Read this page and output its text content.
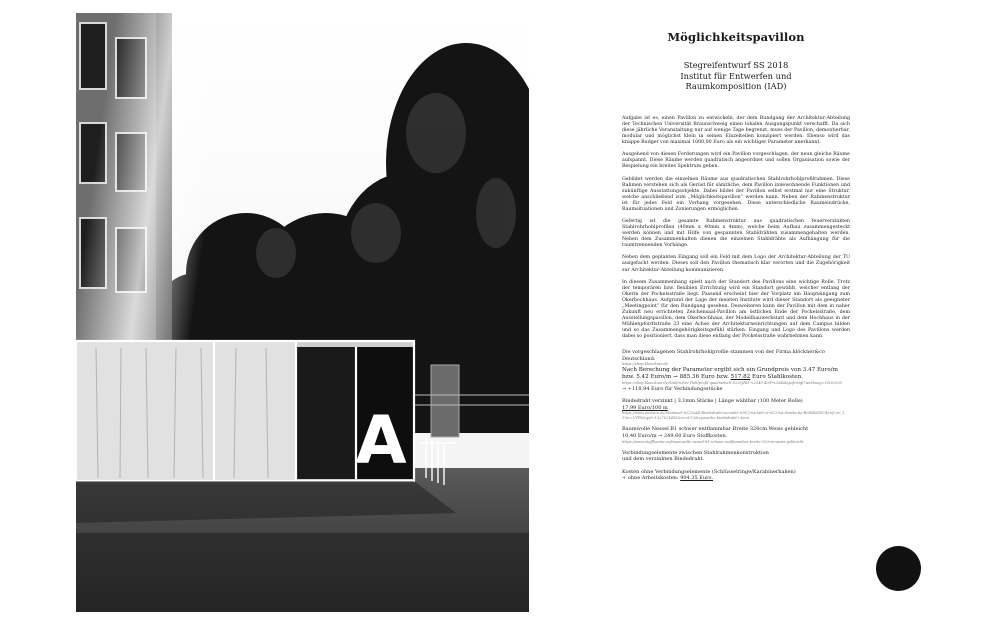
A
Möglichkeitspavillon
Stegreifentwurf SS 2018
Institut für Entwerfen und
Raumkomposition (IAD)

Aufgabe ist es, einen Pavillon zu entwickeln, der dem Rundgang der Architektur-Abteilung der Technischen Universität Braunschweig einen lokalen Ausgangspunkt verschafft. Da sich diese jährliche Veranstaltung nur auf wenige Tage begrenzt, muss der Pavillon, demontierbar, modular und möglichst klein in seinen Einzelteilen konzipiert werden. Ebenso wird das knappe Budget von maximal 1000,00 Euro als ein wichtiger Parameter anerkannt.

Ausgehend von diesen Forderungen wird ein Pavillon vorgeschlagen, der neun gleiche Räume aufspannt. Diese Räume werden quadratisch angeordnet und sollen Organisation sowie der Bespielung ein breites Spektrum geben.

Gebildet werden die einzelnen Räume aus quadratischen Stahlrohrhohlprofilrahmen. Diese Rahmen verstehen sich als Gerüst für sämtliche, dem Pavillon innewohnende Funktionen und zukünftige Ausstattungsobjekte. Dabei bildet der Pavillon selbst erstmal nur eine Struktur, welche anschließend zum „Möglichkeitspavillon“ werden kann. Neben der Rahmenstruktur ist für jedes Feld ein Vorhang vorgesehen. Diese unterschiedliche Raumeindrücke, Raumsituationen und Zonierungen ermöglichen.

Gefertig ist die gesamte Rahmenstruktur aus quadratischen feuerverzinkten Stahlrohrhohlprofilen (40mm x 40mm x 4mm), welche beim Aufbau zusammengesteckt werden können und mit Hilfe von gespannten Stahldrähten zusammengehalten werden. Neben dem Zusammenhalten dienen die einzelnen Stahldrähte als Aufhängung für die raumtrennenden Vorhänge.

Neben dem geplanten Eingang soll ein Feld mit dem Logo der Architektur-Abteilung der TU ausgefacht werden. Dieses soll den Pavillon thematisch klar verorten und die Zugehörigkeit zur Architektur-Abteilung kommunizieren.

In diesem Zusammenhang spielt auch der Standort des Pavillons eine wichtige Rolle. Trotz der temporären bzw. flexiblen Errichtung wird ein Standort gewählt, welcher entlang der Okerin der Pockelsstraße liegt. Passend erscheint hier der Vorplatz am Haupteingang zum Okerhochhaus. Aufgrund der Lage der meisten Institute wird dieser Standort als geeigneter „Meetingpoint“ für den Rundgang gesehen. Desweiteren kann der Pavillon mit dem in naher Zukunft neu errichteten Zeichensaal-Pavillon am östlichen Ende der Pockelsstraße, dem Ausstellungspavillon, dem Okerhochhaus, der Modellbauwerkstatt und dem Hochhaus in der Mühlenpfordtstraße 23 eine Achse der Architekturneinrichtungen auf dem Campus bilden und so das Zusammengehörigkeitsgefühl stärken. Eingang und Logo des Pavillons werden dabei so positioniert, dass man diese entlang der Pockelsstraße wahrnehmen kann.

Die vorgeschlagenen Stahlrohrhohlprofile stammen von der Firma klöckner&co Deutschland:
https://shop.kloeckner.de
Nach Berechung der Parameter ergibt sich ein Grundpreis von 3.47 Euro/m bzw. 5.42 Euro/m → 885.36 Euro bzw. 517.82 Euro Stahlkosten.
https://shop.kloeckner.de/Stahlrohre-Hohlprofil-quadratisch-S235JRH-%2040-40/P%20Kaltgefertigt?werbung=1000/200
→ +118,94 Euro für Verbindungsstücke
Bindedraht verzinkt | 3,1mm Stärke | Länge wählbar (100 Meter Rolle)
17,99 Euro/100 m
https://www.amazon.de/Mannual-%C2%AE-Bindedraht-verzinkt-%9C2%A-lahr-a-%C2%A-Stärke-dp-B00HIAT874/ref=sr_1_1?ie=UTF8&qid=1527621495&sr=8-1&keywords=bindedraht+3mm
Baumwolle Nessel B1 schwer entflammbar Breite 320cm Weiss gebleicht
10,40 Euro/m → 249,60 Euro Stoffkosten.
https://www.stoffkontor.eu/baumwolle-nessel-b1-schwer-entflammbar-breite-320cm-weiss-gebleicht
Verbindungselemente zwischen Stahlrahmenkonstruktion
und dem verzinkten Bindedraht.
Kosten ohne Verbindungselemente (Schlüsselringe/Karabinerhaken)
+ ohne Arbeitskosten: 904.35 Euro.
